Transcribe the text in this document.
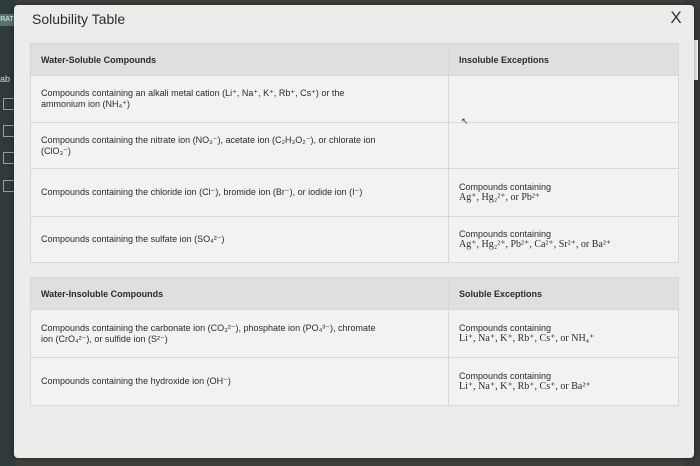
RAT
ab
Solubility Table	X
Water-Soluble Compounds	Insoluble Exceptions

Compounds containing an alkali metal cation (Li⁺, Na⁺, K⁺, Rb⁺, Cs⁺) or the
ammonium ion (NH₄⁺)	

Compounds containing the nitrate ion (NO₃⁻), acetate ion (C₂H₃O₂⁻), or chlorate ion
(ClO₃⁻)	

Compounds containing the chloride ion (Cl⁻), bromide ion (Br⁻), or iodide ion (I⁻)	Compounds containing
Ag⁺, Hg₂²⁺, or Pb²⁺

Compounds containing the sulfate ion (SO₄²⁻)	Compounds containing
Ag⁺, Hg₂²⁺, Pb²⁺, Ca²⁺, Sr²⁺, or Ba²⁺
Water-Insoluble Compounds	Soluble Exceptions

Compounds containing the carbonate ion (CO₃²⁻), phosphate ion (PO₄³⁻), chromate
ion (CrO₄²⁻), or sulfide ion (S²⁻)	Compounds containing
Li⁺, Na⁺, K⁺, Rb⁺, Cs⁺, or NH₄⁺

Compounds containing the hydroxide ion (OH⁻)	Compounds containing
Li⁺, Na⁺, K⁺, Rb⁺, Cs⁺, or Ba²⁺
↖
